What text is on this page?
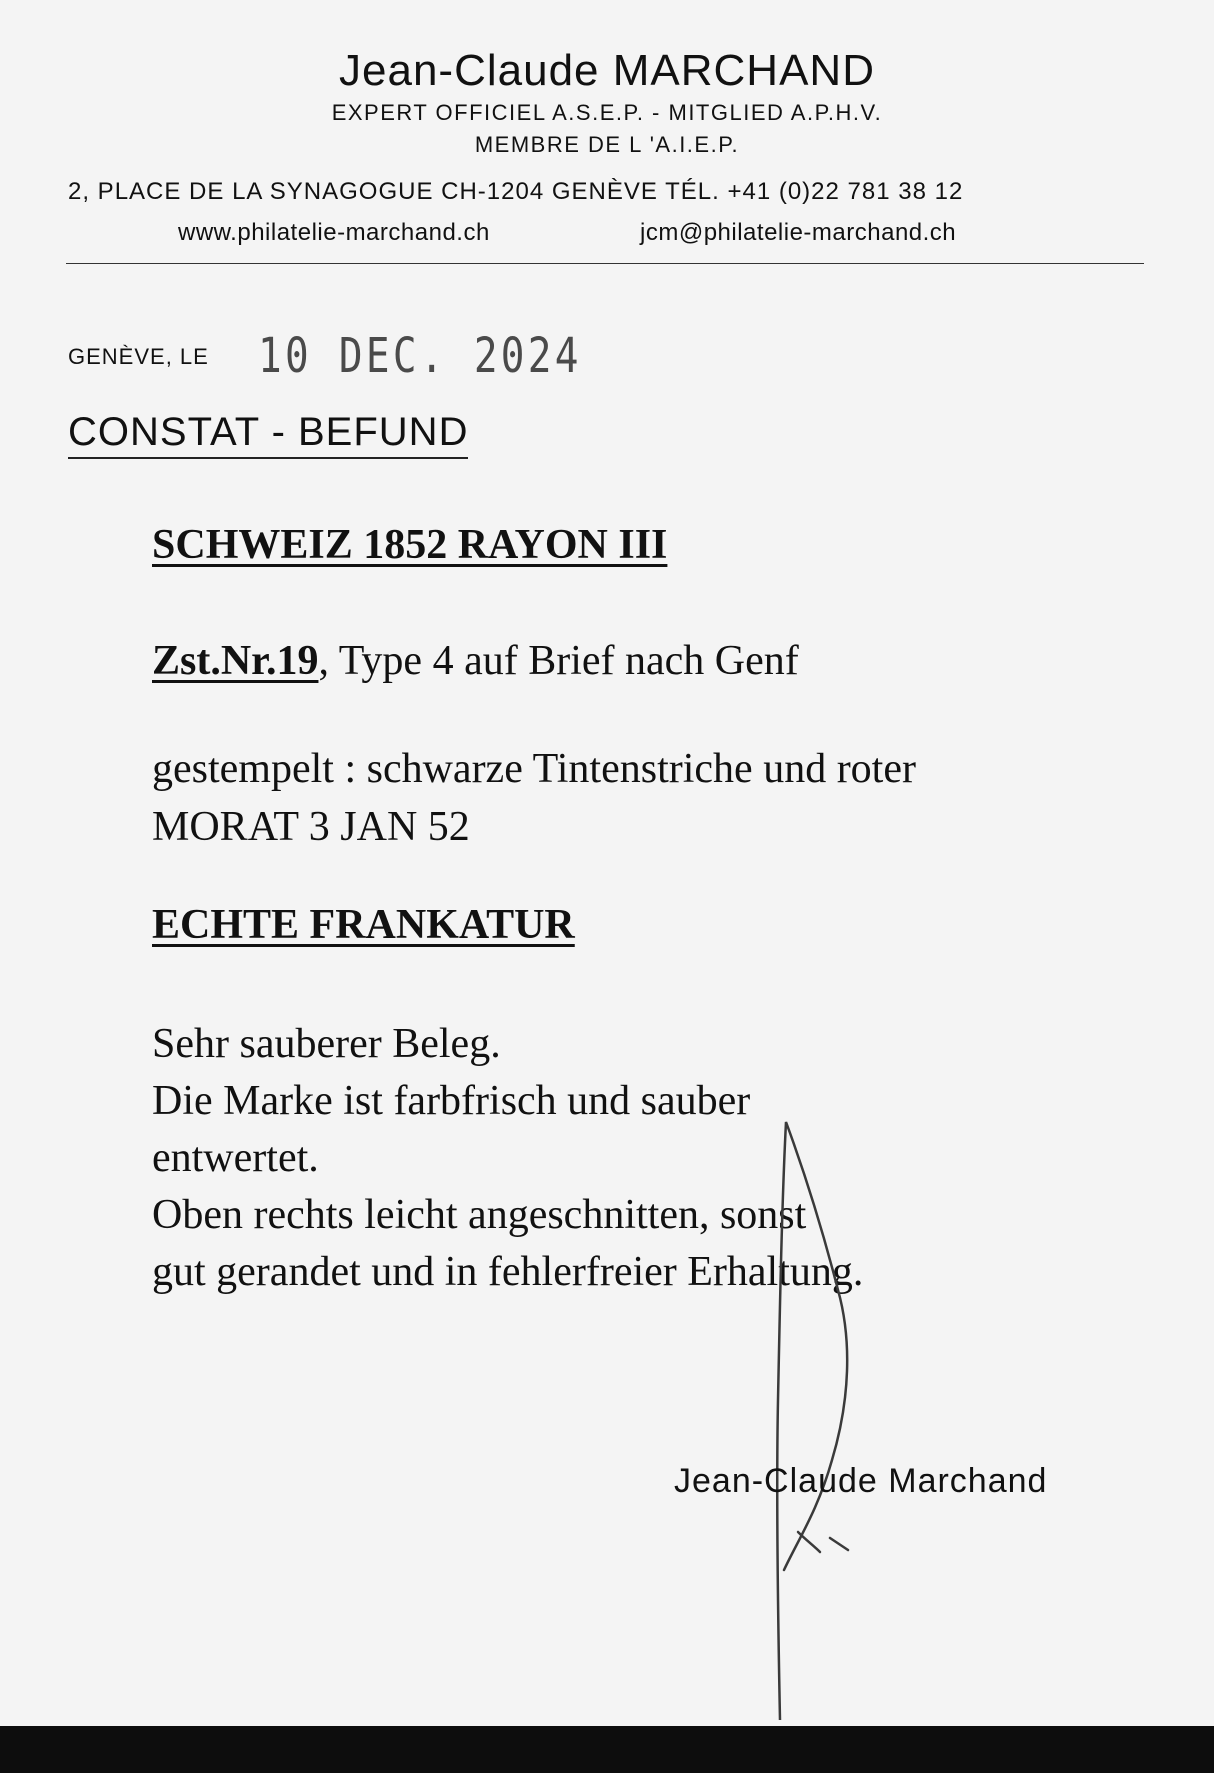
Jean-Claude MARCHAND
EXPERT OFFICIEL A.S.E.P. - MITGLIED A.P.H.V.
MEMBRE DE L 'A.I.E.P.
2, PLACE DE LA SYNAGOGUE CH-1204 GENÈVE TÉL. +41 (0)22 781 38 12
www.philatelie-marchand.ch	jcm@philatelie-marchand.ch
GENÈVE, LE 10 DEC. 2024
CONSTAT - BEFUND
SCHWEIZ 1852 RAYON III
Zst.Nr.19, Type 4 auf Brief nach Genf
gestempelt : schwarze Tintenstriche und roter
MORAT 3 JAN 52
ECHTE FRANKATUR
Sehr sauberer Beleg.
Die Marke ist farbfrisch und sauber
entwertet.
Oben rechts leicht angeschnitten, sonst
gut gerandet und in fehlerfreier Erhaltung.
Jean-Claude Marchand
